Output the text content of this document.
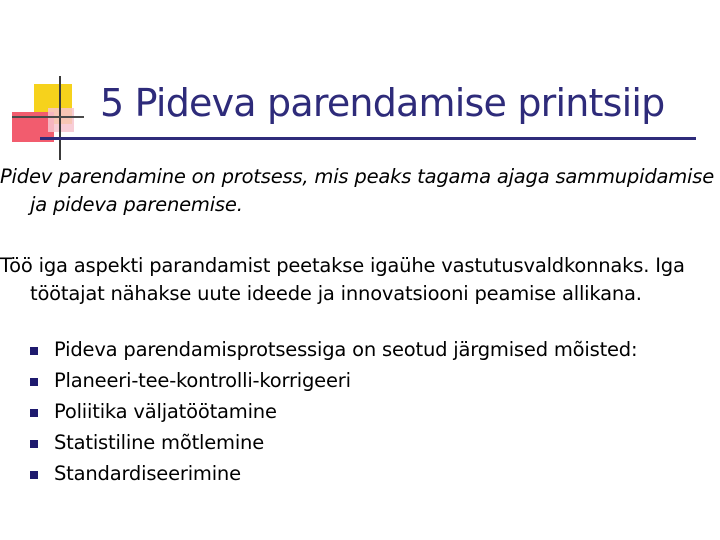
5 Pideva parendamise printsiip

Pidev parendamine on protsess, mis peaks tagama ajaga sammupidamise ja pideva parenemise.

Töö iga aspekti parandamist peetakse igaühe vastutusvaldkonnaks. Iga töötajat nähakse uute ideede ja innovatsiooni peamise allikana.

Pideva parendamisprotsessiga on seotud järgmised mõisted:
Planeeri-tee-kontrolli-korrigeeri
Poliitika väljatöötamine
Statistiline mõtlemine
Standardiseerimine
